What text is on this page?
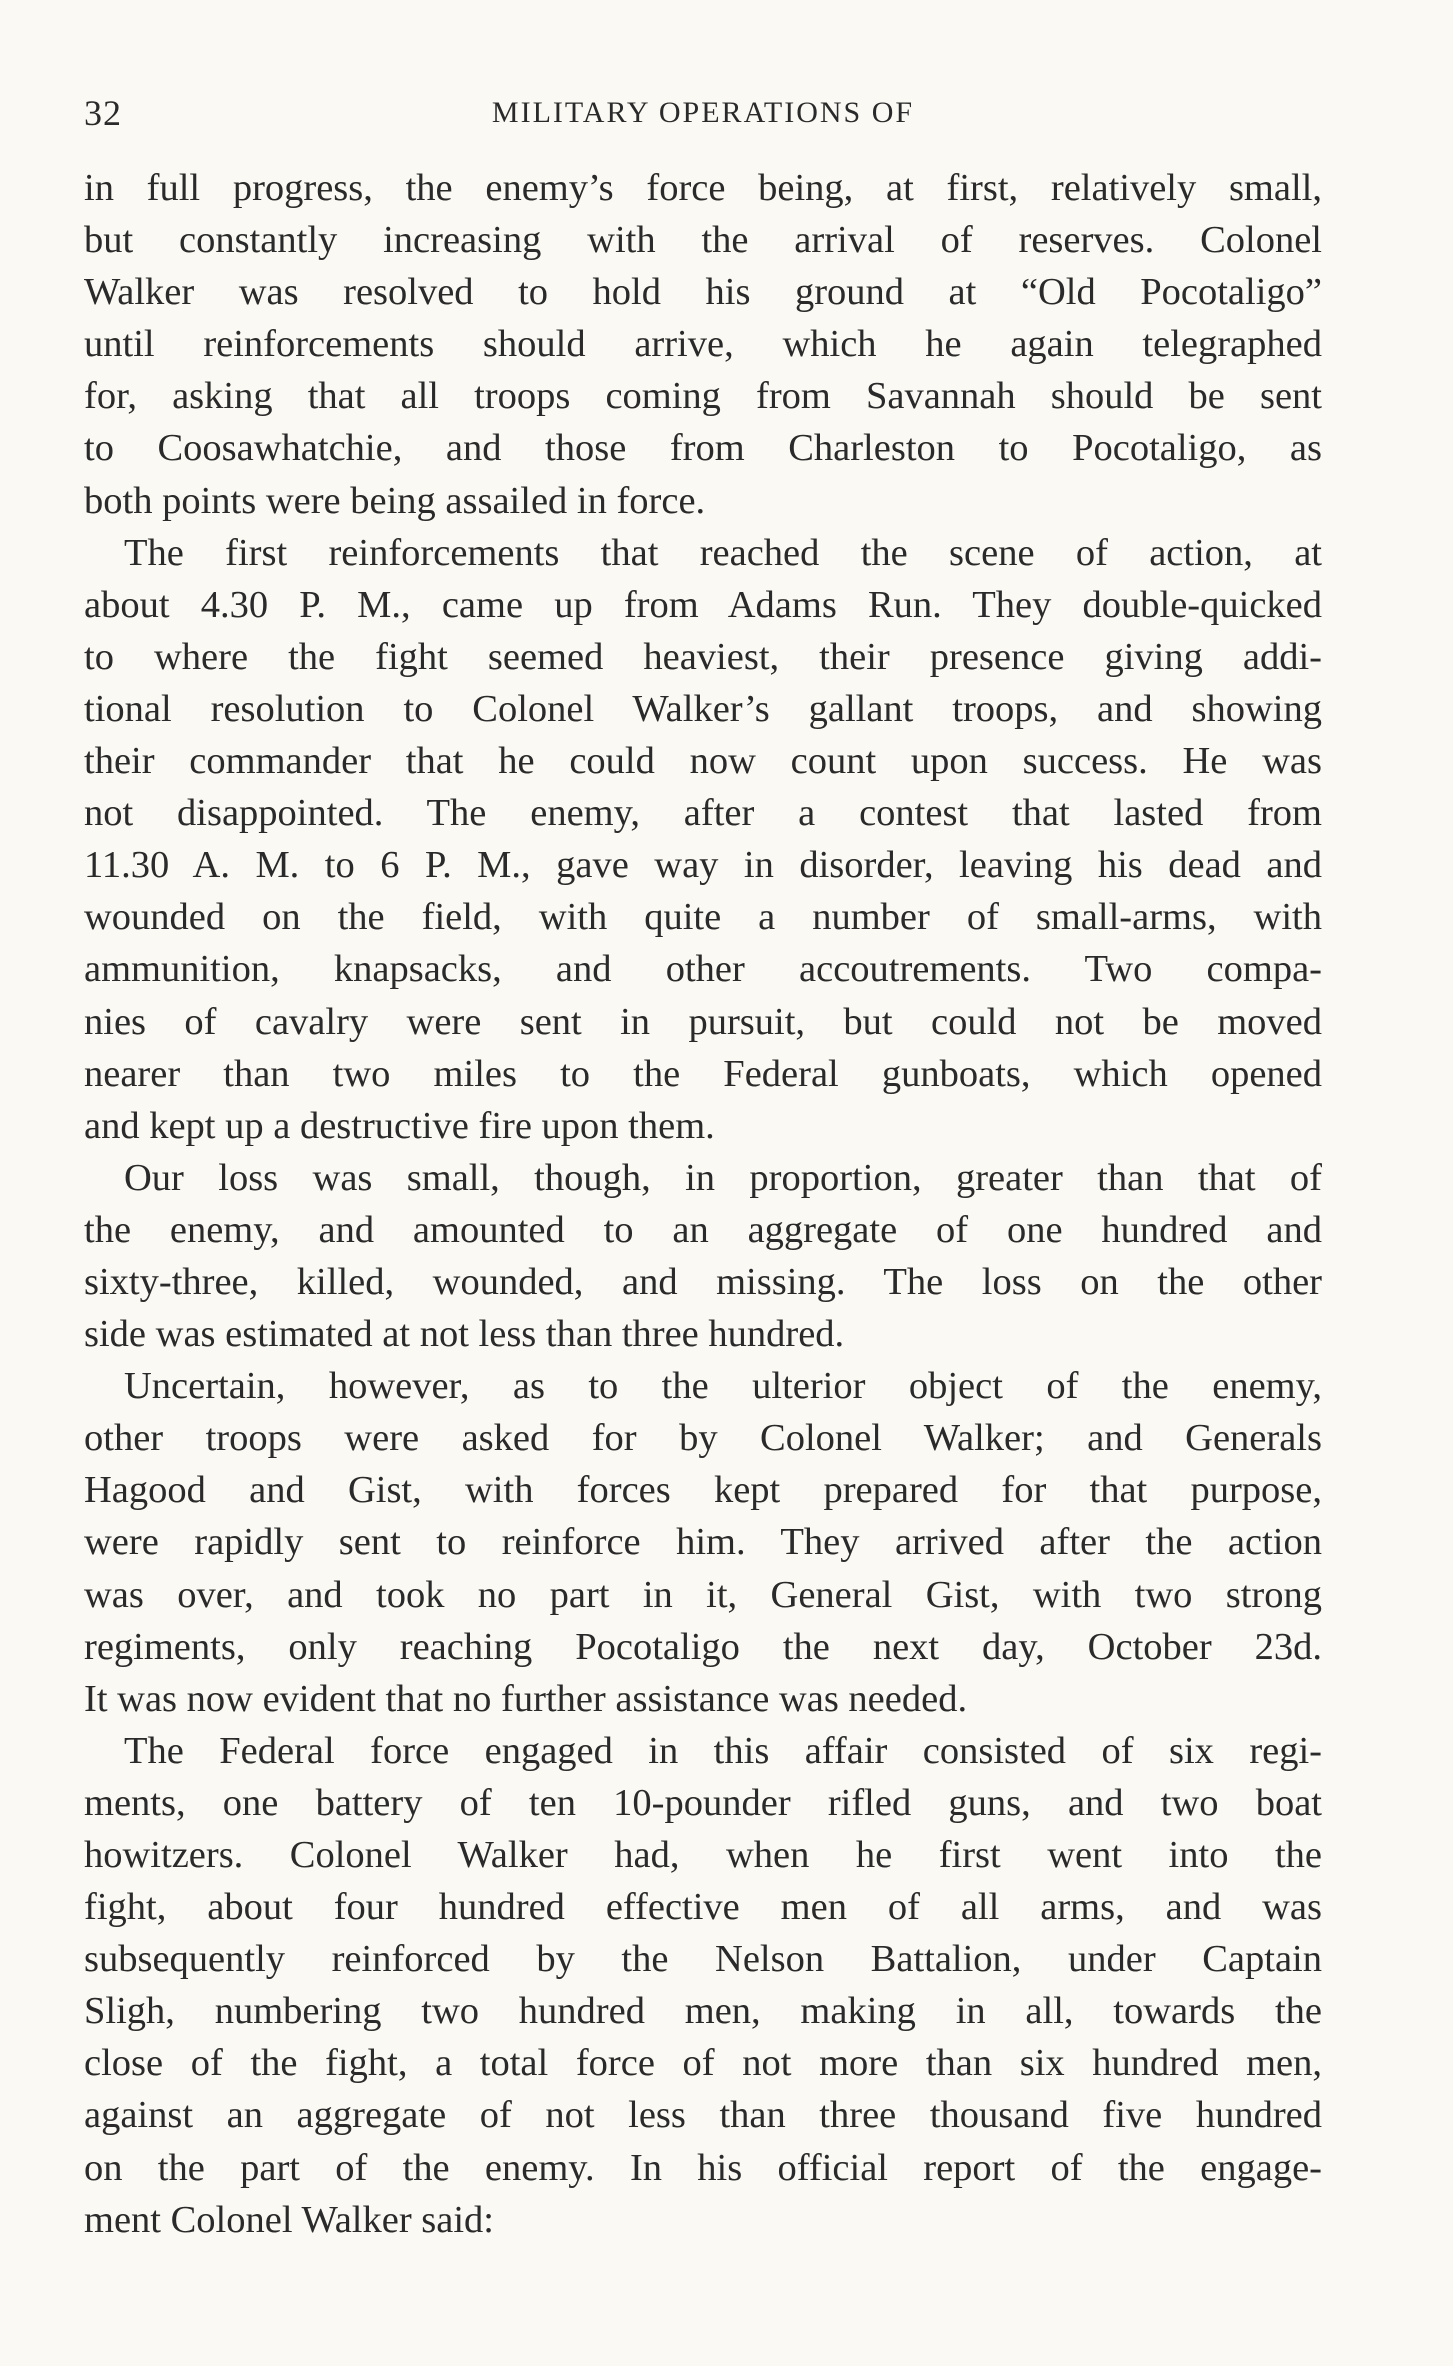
32	MILITARY OPERATIONS OF
in full progress, the enemy’s force being, at first, relatively small,
but constantly increasing with the arrival of reserves. Colonel
Walker was resolved to hold his ground at “Old Pocotaligo”
until reinforcements should arrive, which he again telegraphed
for, asking that all troops coming from Savannah should be sent
to Coosawhatchie, and those from Charleston to Pocotaligo, as
both points were being assailed in force.
The first reinforcements that reached the scene of action, at
about 4.30 P. M., came up from Adams Run. They double-quicked
to where the fight seemed heaviest, their presence giving addi-
tional resolution to Colonel Walker’s gallant troops, and showing
their commander that he could now count upon success. He was
not disappointed. The enemy, after a contest that lasted from
11.30 A. M. to 6 P. M., gave way in disorder, leaving his dead and
wounded on the field, with quite a number of small-arms, with
ammunition, knapsacks, and other accoutrements. Two compa-
nies of cavalry were sent in pursuit, but could not be moved
nearer than two miles to the Federal gunboats, which opened
and kept up a destructive fire upon them.
Our loss was small, though, in proportion, greater than that of
the enemy, and amounted to an aggregate of one hundred and
sixty-three, killed, wounded, and missing. The loss on the other
side was estimated at not less than three hundred.
Uncertain, however, as to the ulterior object of the enemy,
other troops were asked for by Colonel Walker; and Generals
Hagood and Gist, with forces kept prepared for that purpose,
were rapidly sent to reinforce him. They arrived after the action
was over, and took no part in it, General Gist, with two strong
regiments, only reaching Pocotaligo the next day, October 23d.
It was now evident that no further assistance was needed.
The Federal force engaged in this affair consisted of six regi-
ments, one battery of ten 10-pounder rifled guns, and two boat
howitzers. Colonel Walker had, when he first went into the
fight, about four hundred effective men of all arms, and was
subsequently reinforced by the Nelson Battalion, under Captain
Sligh, numbering two hundred men, making in all, towards the
close of the fight, a total force of not more than six hundred men,
against an aggregate of not less than three thousand five hundred
on the part of the enemy. In his official report of the engage-
ment Colonel Walker said:
